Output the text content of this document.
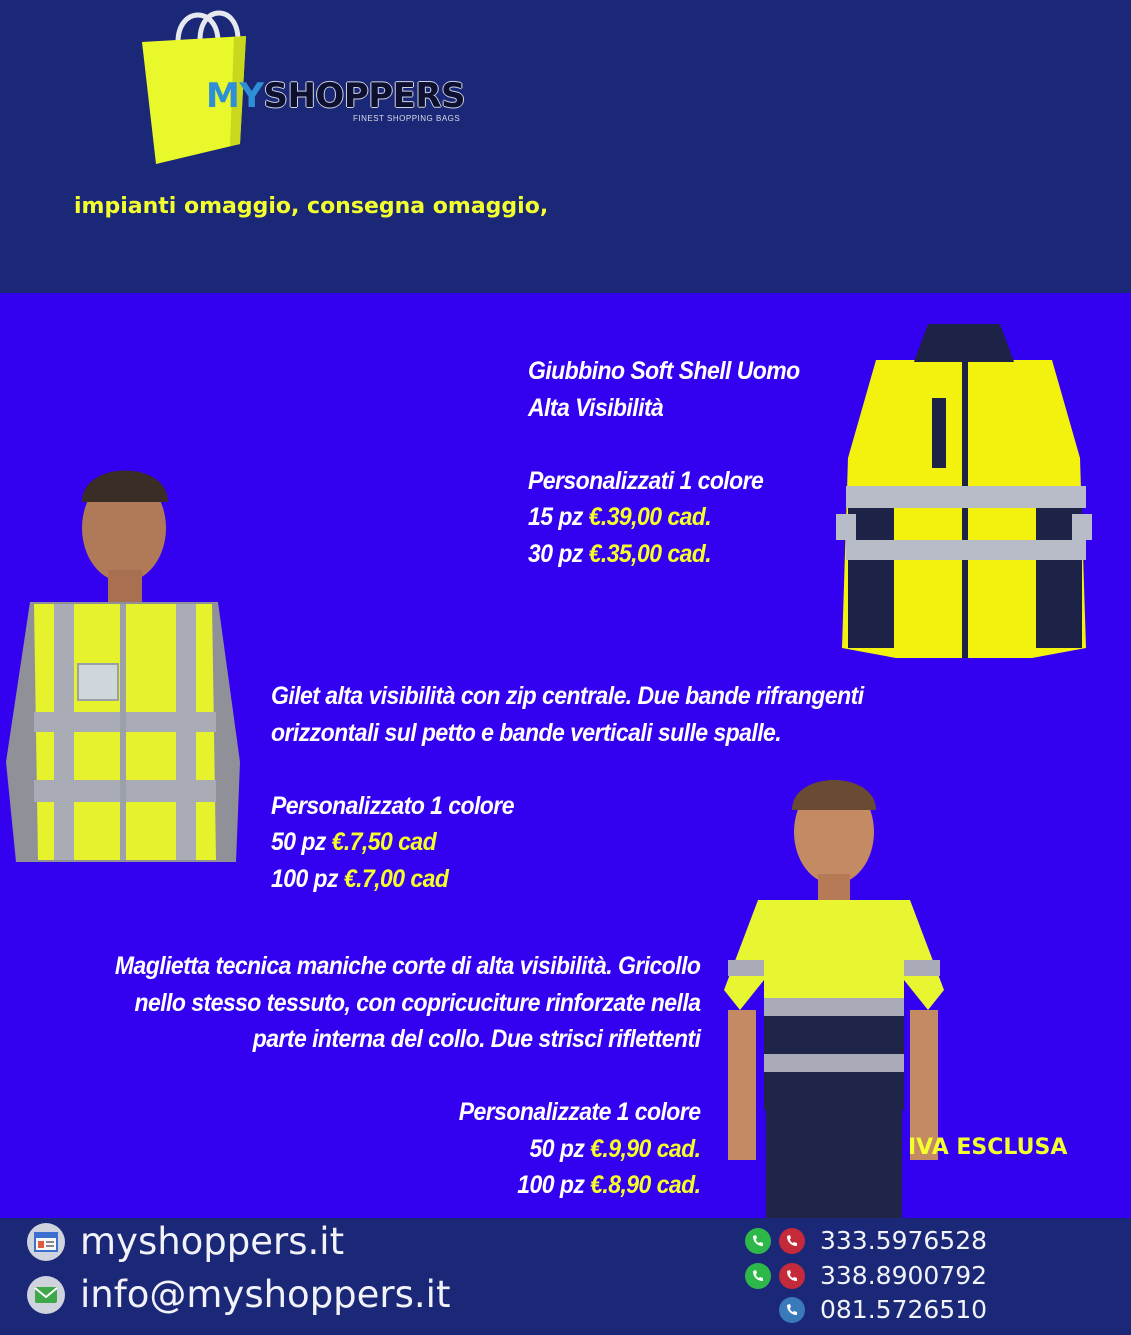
MYSHOPPERS
FINEST SHOPPING BAGS
impianti omaggio, consegna omaggio,
Giubbino Soft Shell Uomo
Alta Visibilità
Personalizzati 1 colore
15 pz €.39,00 cad.
30 pz €.35,00 cad.
Gilet alta visibilità con zip centrale. Due bande rifrangenti
orizzontali sul petto e bande verticali sulle spalle.
Personalizzato 1 colore
50 pz €.7,50 cad
100 pz €.7,00 cad
Maglietta tecnica maniche corte di alta visibilità. Gricollo
nello stesso tessuto, con copricuciture rinforzate nella
parte interna del collo. Due strisci riflettenti
Personalizzate 1 colore
50 pz €.9,90 cad.
100 pz €.8,90 cad.
IVA ESCLUSA
myshoppers.it
info@myshoppers.it
333.5976528
338.8900792
081.5726510
